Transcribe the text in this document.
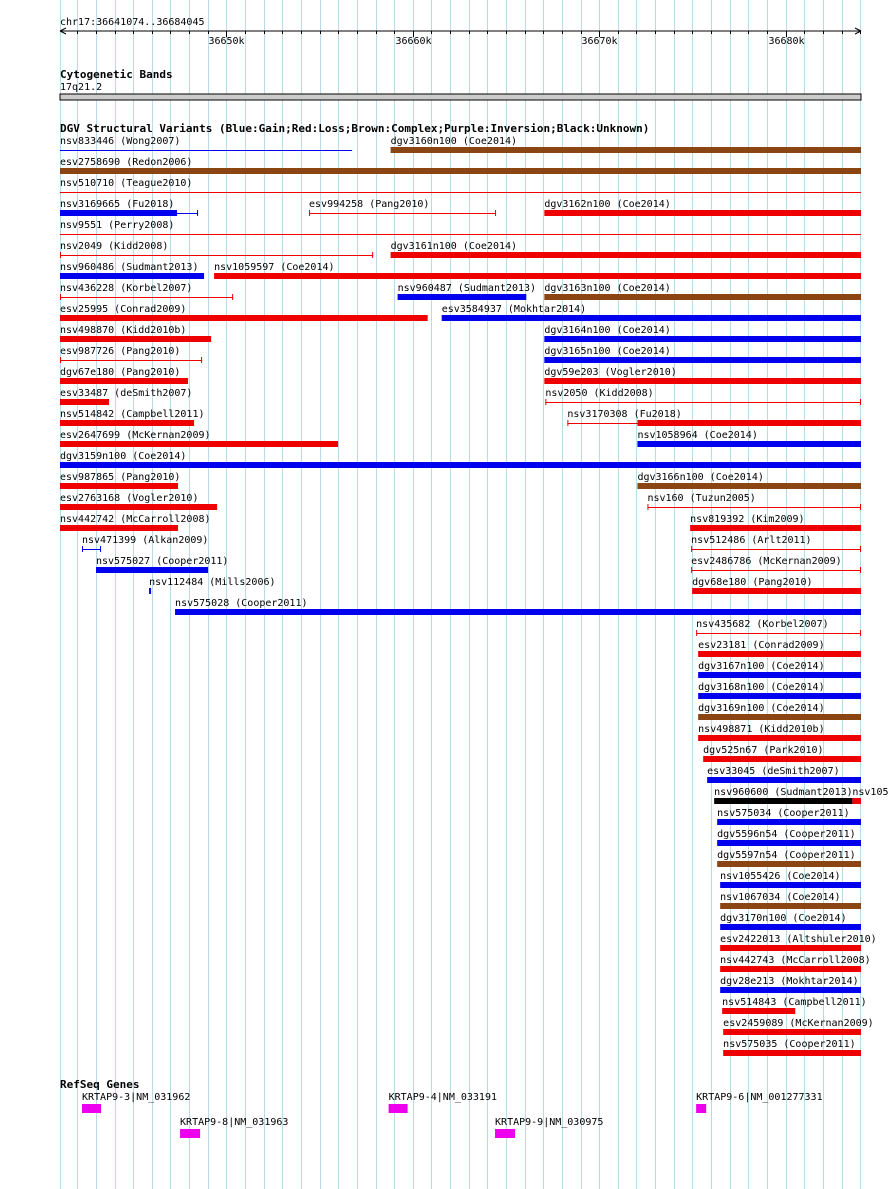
chr17:36641074..36684045
36650k	36660k	36670k	36680k
Cytogenetic Bands
17q21.2
DGV Structural Variants (Blue:Gain;Red:Loss;Brown:Complex;Purple:Inversion;Black:Unknown)
nsv833446 (Wong2007)	dgv3160n100 (Coe2014)
esv2758690 (Redon2006)
nsv510710 (Teague2010)
nsv3169665 (Fu2018)	esv994258 (Pang2010)	dgv3162n100 (Coe2014)
nsv9551 (Perry2008)
nsv2049 (Kidd2008)	dgv3161n100 (Coe2014)
nsv960486 (Sudmant2013) nsv1059597 (Coe2014)
nsv436228 (Korbel2007)	nsv960487 (Sudmant2013) dgv3163n100 (Coe2014)
esv25995 (Conrad2009)	esv3584937 (Mokhtar2014)
nsv498870 (Kidd2010b)	dgv3164n100 (Coe2014)
esv987726 (Pang2010)	dgv3165n100 (Coe2014)
dgv67e180 (Pang2010)	dgv59e203 (Vogler2010)
esv33487 (deSmith2007)	nsv2050 (Kidd2008)
nsv514842 (Campbell2011)	nsv3170308 (Fu2018)
esv2647699 (McKernan2009)	nsv1058964 (Coe2014)
dgv3159n100 (Coe2014)
esv987865 (Pang2010)	dgv3166n100 (Coe2014)
esv2763168 (Vogler2010)	nsv160 (Tuzun2005)
nsv442742 (McCarroll2008)	nsv819392 (Kim2009)
nsv471399 (Alkan2009)	nsv512486 (Arlt2011)
nsv575027 (Cooper2011)	esv2486786 (McKernan2009)
nsv112484 (Mills2006)	dgv68e180 (Pang2010)
nsv575028 (Cooper2011)
nsv435682 (Korbel2007)
esv23181 (Conrad2009)
dgv3167n100 (Coe2014)
dgv3168n100 (Coe2014)
dgv3169n100 (Coe2014)
nsv498871 (Kidd2010b)
dgv525n67 (Park2010)
esv33045 (deSmith2007)
nsv960600 (Sudmant2013) nsv105
nsv575034 (Cooper2011)
dgv5596n54 (Cooper2011)
dgv5597n54 (Cooper2011)
nsv1055426 (Coe2014)
nsv1067034 (Coe2014)
dgv3170n100 (Coe2014)
esv2422013 (Altshuler2010)
nsv442743 (McCarroll2008)
dgv28e213 (Mokhtar2014)
nsv514843 (Campbell2011)
esv2459089 (McKernan2009)
nsv575035 (Cooper2011)
RefSeq Genes
KRTAP9-3|NM_031962	KRTAP9-4|NM_033191	KRTAP9-6|NM_001277331
KRTAP9-8|NM_031963	KRTAP9-9|NM_030975
